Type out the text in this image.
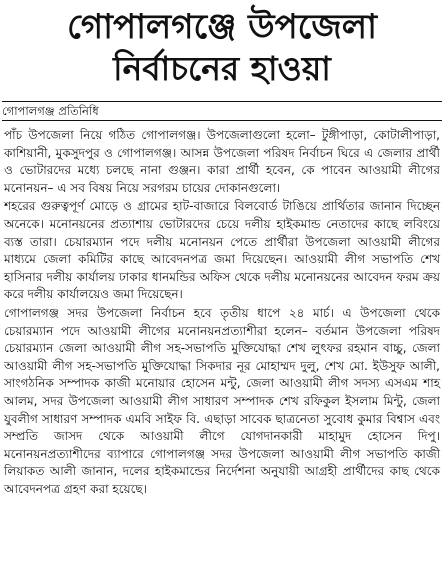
গোপালগঞ্জে উপজেলা
নির্বাচনের হাওয়া
গোপালগঞ্জ প্রতিনিধি

পাঁচ উপজেলা নিয়ে গঠিত গোপালগঞ্জ। উপজেলাগুলো হলো– টুঙ্গীপাড়া, কোটালীপাড়া, কাশিয়ানী, মুকসুদপুর ও গোপালগঞ্জ। আসন্ন উপজেলা পরিষদ নির্বাচন ঘিরে এ জেলার প্রার্থী ও ভোটারদের মধ্যে চলছে নানা গুঞ্জন। কারা প্রার্থী হবেন, কে পাবেন আওয়ামী লীগের মনোনয়ন– এ সব বিষয় নিয়ে সরগরম চায়ের দোকানগুলো।

শহরের গুরুত্বপূর্ণ মোড়ে ও গ্রামের হাট-বাজারে বিলবোর্ড টাঙিয়ে প্রার্থিতার জানান দিচ্ছেন অনেকে। মনোনয়নের প্রত্যাশায় ভোটারদের চেয়ে দলীয় হাইকমান্ড নেতাদের কাছে লবিংয়ে ব্যস্ত তারা। চেয়ারম্যান পদে দলীয় মনোনয়ন পেতে প্রার্থীরা উপজেলা আওয়ামী লীগের মাধ্যমে জেলা কমিটির কাছে আবেদনপত্র জমা দিয়েছেন। আওয়ামী লীগ সভাপতি শেখ হাসিনার দলীয় কার্যালয় ঢাকার ধানমন্ডির অফিস থেকে দলীয় মনোনয়নের আবেদন ফরম ক্রয় করে দলীয় কার্যালয়েও জমা দিয়েছেন।

গোপালগঞ্জ সদর উপজেলা নির্বাচন হবে তৃতীয় ধাপে ২৪ মার্চ। এ উপজেলা থেকে চেয়ারম্যান পদে আওয়ামী লীগের মনোনয়নপ্রত্যাশীরা হলেন– বর্তমান উপজেলা পরিষদ চেয়ারম্যান জেলা আওয়ামী লীগ সহ-সভাপতি মুক্তিযোদ্ধা শেখ লুৎফর রহমান বাচ্চু, জেলা আওয়ামী লীগ সহ-সভাপতি মুক্তিযোদ্ধা সিকদার নূর মোহাম্মদ দুলু, শেখ মো. ইউসুফ আলী, সাংগঠনিক সম্পাদক কাজী মনোয়ার হোসেন মন্টু, জেলা আওয়ামী লীগ সদস্য এসএম শাহ আলম, সদর উপজেলা আওয়ামী লীগ সাধারণ সম্পাদক শেখ রফিকুল ইসলাম মিন্টু, জেলা যুবলীগ সাধারণ সম্পাদক এমবি সাইফ বি. এছাড়া সাবেক ছাত্রনেতা সুবোধ কুমার বিশ্বাস এবং সম্প্রতি জাসদ থেকে আওয়ামী লীগে যোগদানকারী মাহামুদ হোসেন দিপু। মনোনয়নপ্রত্যাশীদের ব্যাপারে গোপালগঞ্জ সদর উপজেলা আওয়ামী লীগ সভাপতি কাজী লিয়াকত আলী জানান, দলের হাইকমান্ডের নির্দেশনা অনুযায়ী আগ্রহী প্রার্থীদের কাছ থেকে আবেদনপত্র গ্রহণ করা হয়েছে।
